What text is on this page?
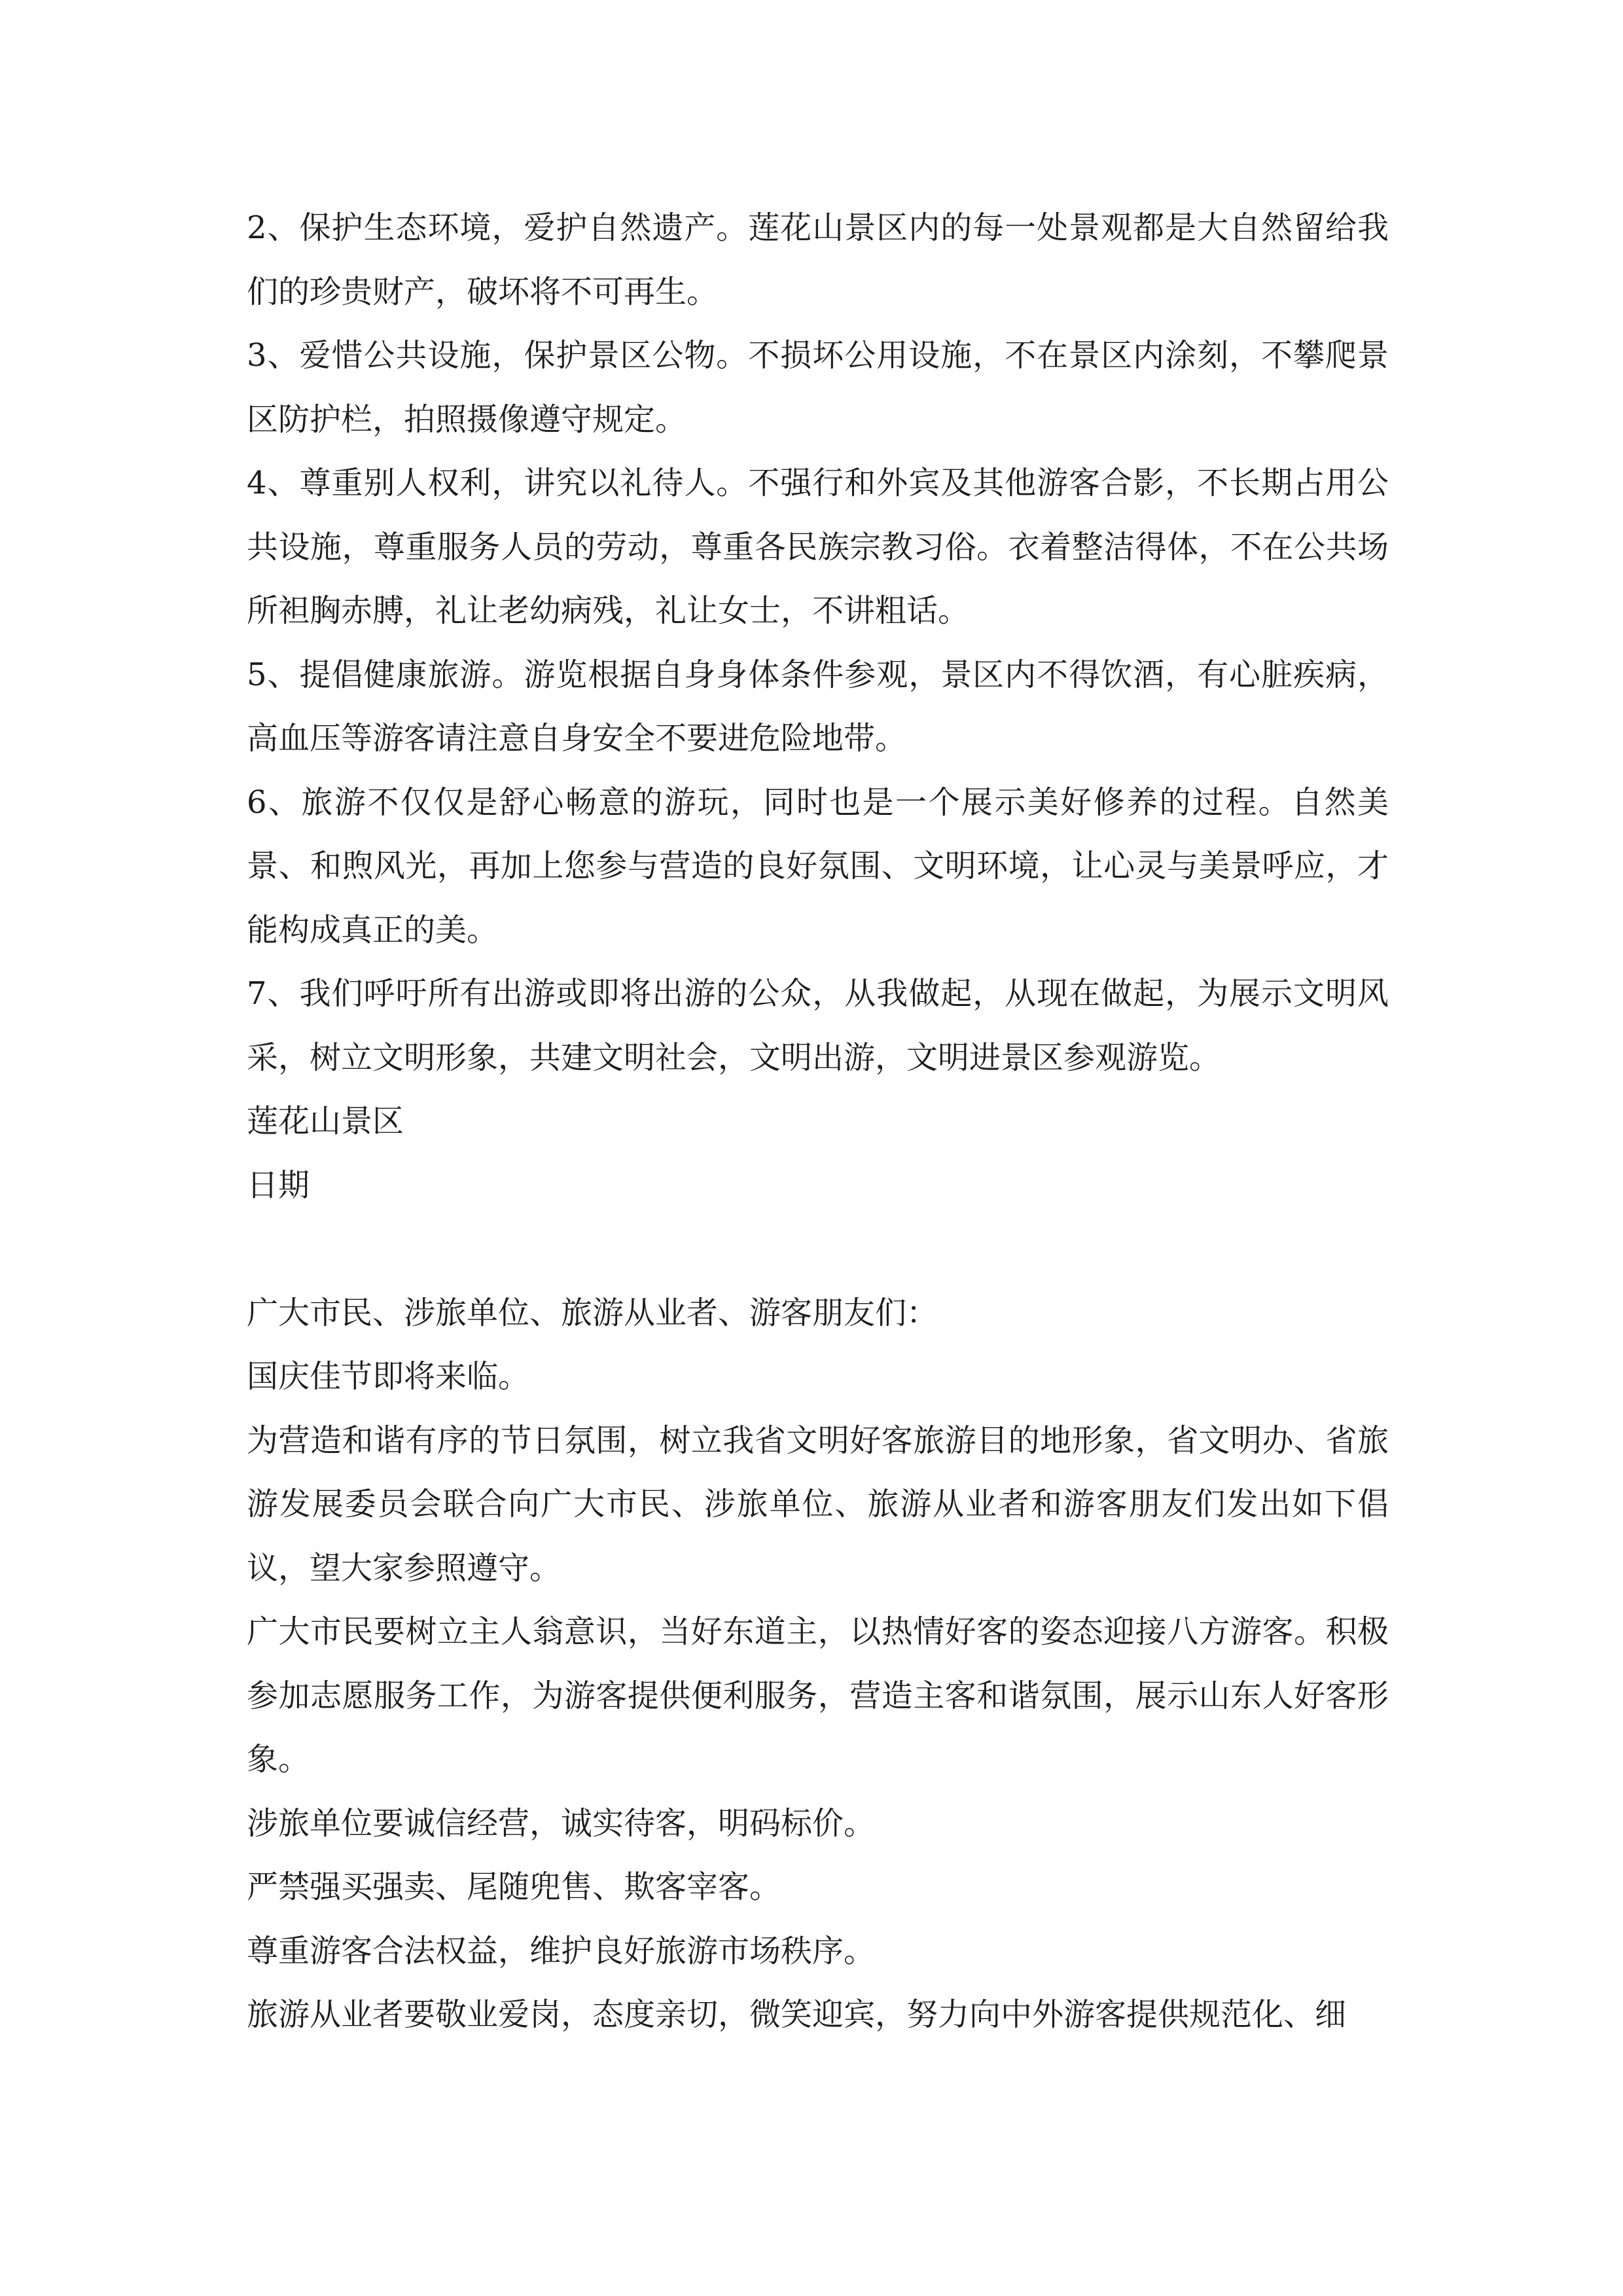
2、保护生态环境，爱护自然遗产。莲花山景区内的每一处景观都是大自然留给我们的珍贵财产，破坏将不可再生。

3、爱惜公共设施，保护景区公物。不损坏公用设施，不在景区内涂刻，不攀爬景区防护栏，拍照摄像遵守规定。

4、尊重别人权利，讲究以礼待人。不强行和外宾及其他游客合影，不长期占用公共设施，尊重服务人员的劳动，尊重各民族宗教习俗。衣着整洁得体，不在公共场所袒胸赤膊，礼让老幼病残，礼让女士，不讲粗话。

5、提倡健康旅游。游览根据自身身体条件参观，景区内不得饮酒，有心脏疾病，高血压等游客请注意自身安全不要进危险地带。

6、旅游不仅仅是舒心畅意的游玩，同时也是一个展示美好修养的过程。自然美景、和煦风光，再加上您参与营造的良好氛围、文明环境，让心灵与美景呼应，才能构成真正的美。

7、我们呼吁所有出游或即将出游的公众，从我做起，从现在做起，为展示文明风采，树立文明形象，共建文明社会，文明出游，文明进景区参观游览。

莲花山景区

日期

广大市民、涉旅单位、旅游从业者、游客朋友们：

国庆佳节即将来临。

为营造和谐有序的节日氛围，树立我省文明好客旅游目的地形象，省文明办、省旅游发展委员会联合向广大市民、涉旅单位、旅游从业者和游客朋友们发出如下倡议，望大家参照遵守。

广大市民要树立主人翁意识，当好东道主，以热情好客的姿态迎接八方游客。积极参加志愿服务工作，为游客提供便利服务，营造主客和谐氛围，展示山东人好客形象。

涉旅单位要诚信经营，诚实待客，明码标价。

严禁强买强卖、尾随兜售、欺客宰客。

尊重游客合法权益，维护良好旅游市场秩序。

旅游从业者要敬业爱岗，态度亲切，微笑迎宾，努力向中外游客提供规范化、细
